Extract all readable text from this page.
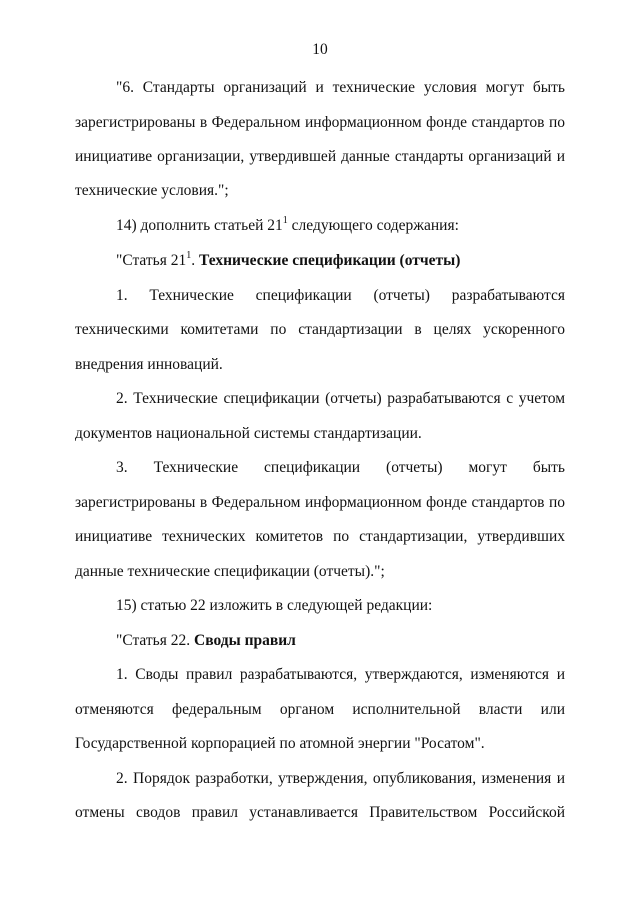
10
"6. Стандарты организаций и технические условия могут быть
зарегистрированы в Федеральном информационном фонде стандартов по
инициативе организации, утвердившей данные стандарты организаций и
технические условия.";
14) дополнить статьей $21^1$ следующего содержания:
"Статья $21^1$. Технические спецификации (отчеты)
1. Технические спецификации (отчеты) разрабатываются
техническими комитетами по стандартизации в целях ускоренного
внедрения инноваций.
2. Технические спецификации (отчеты) разрабатываются с учетом
документов национальной системы стандартизации.
3. Технические спецификации (отчеты) могут быть
зарегистрированы в Федеральном информационном фонде стандартов по
инициативе технических комитетов по стандартизации, утвердивших
данные технические спецификации (отчеты).";
15) статью 22 изложить в следующей редакции:
"Статья 22. Своды правил
1. Своды правил разрабатываются, утверждаются, изменяются и
отменяются федеральным органом исполнительной власти или
Государственной корпорацией по атомной энергии "Росатом".
2. Порядок разработки, утверждения, опубликования, изменения и
отмены сводов правил устанавливается Правительством Российской
